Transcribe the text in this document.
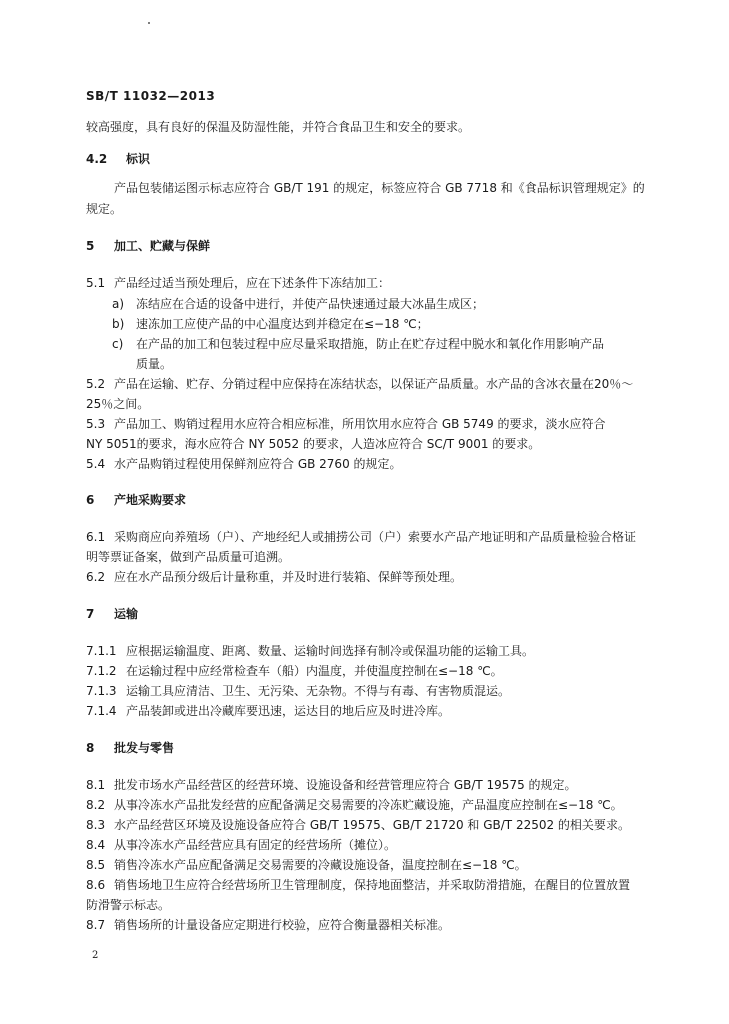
SB/T 11032—2013
较高强度，具有良好的保温及防湿性能，并符合食品卫生和安全的要求。
4.2 标识
产品包装储运图示标志应符合 GB/T 191 的规定，标签应符合 GB 7718 和《食品标识管理规定》的
规定。
5 加工、贮藏与保鲜
5.1 产品经过适当预处理后，应在下述条件下冻结加工：
a) 冻结应在合适的设备中进行，并使产品快速通过最大冰晶生成区；
b) 速冻加工应使产品的中心温度达到并稳定在≤−18 ℃；
c) 在产品的加工和包装过程中应尽量采取措施，防止在贮存过程中脱水和氧化作用影响产品
质量。
5.2 产品在运输、贮存、分销过程中应保持在冻结状态，以保证产品质量。水产品的含冰衣量在20％～
25％之间。
5.3 产品加工、购销过程用水应符合相应标准，所用饮用水应符合 GB 5749 的要求，淡水应符合
NY 5051的要求，海水应符合 NY 5052 的要求，人造冰应符合 SC/T 9001 的要求。
5.4 水产品购销过程使用保鲜剂应符合 GB 2760 的规定。
6 产地采购要求
6.1 采购商应向养殖场（户）、产地经纪人或捕捞公司（户）索要水产品产地证明和产品质量检验合格证
明等票证备案，做到产品质量可追溯。
6.2 应在水产品预分级后计量称重，并及时进行装箱、保鲜等预处理。
7 运输
7.1.1 应根据运输温度、距离、数量、运输时间选择有制冷或保温功能的运输工具。
7.1.2 在运输过程中应经常检查车（船）内温度，并使温度控制在≤−18 ℃。
7.1.3 运输工具应清洁、卫生、无污染、无杂物。不得与有毒、有害物质混运。
7.1.4 产品装卸或进出冷藏库要迅速，运达目的地后应及时进冷库。
8 批发与零售
8.1 批发市场水产品经营区的经营环境、设施设备和经营管理应符合 GB/T 19575 的规定。
8.2 从事冷冻水产品批发经营的应配备满足交易需要的冷冻贮藏设施，产品温度应控制在≤−18 ℃。
8.3 水产品经营区环境及设施设备应符合 GB/T 19575、GB/T 21720 和 GB/T 22502 的相关要求。
8.4 从事冷冻水产品经营应具有固定的经营场所（摊位）。
8.5 销售冷冻水产品应配备满足交易需要的冷藏设施设备，温度控制在≤−18 ℃。
8.6 销售场地卫生应符合经营场所卫生管理制度，保持地面整洁，并采取防滑措施，在醒目的位置放置
防滑警示标志。
8.7 销售场所的计量设备应定期进行校验，应符合衡量器相关标准。
2
